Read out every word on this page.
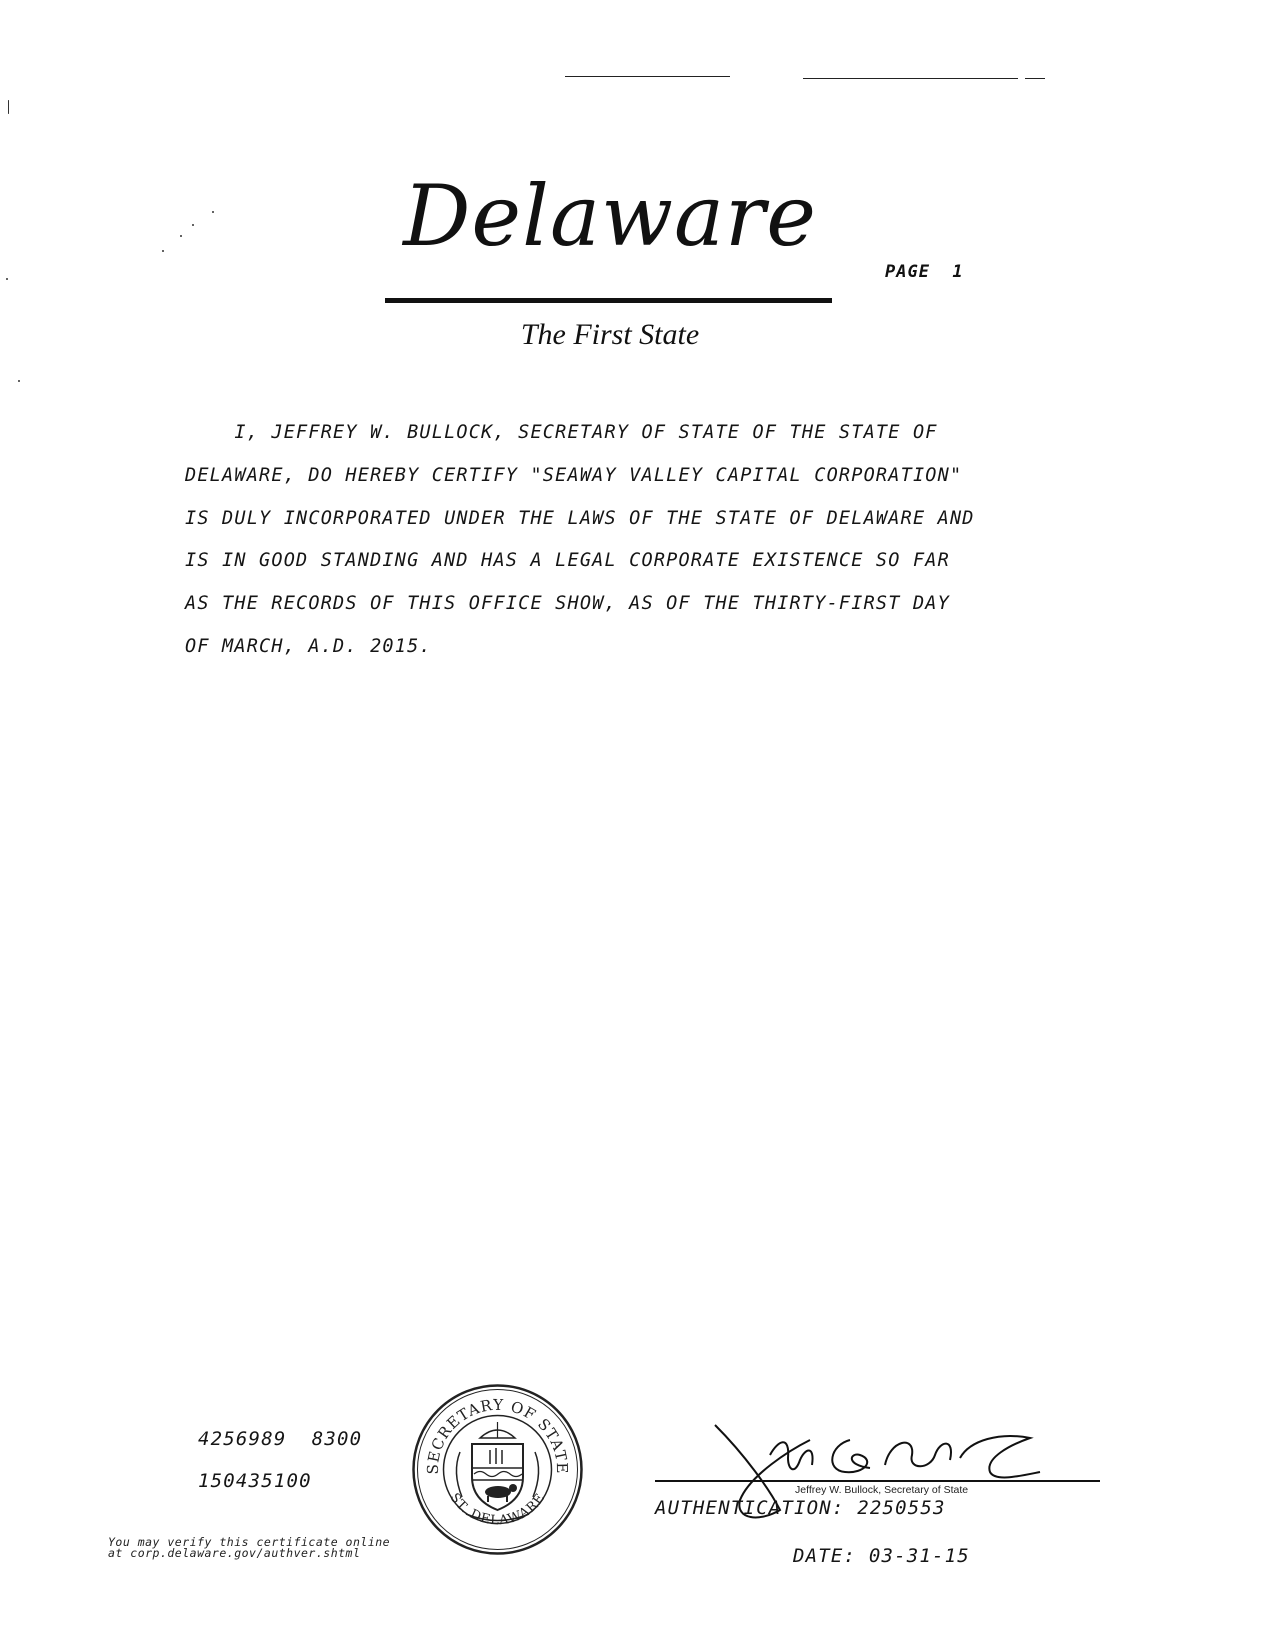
Delaware
The First State
PAGE  1
I, JEFFREY W. BULLOCK, SECRETARY OF STATE OF THE STATE OF
DELAWARE, DO HEREBY CERTIFY "SEAWAY VALLEY CAPITAL CORPORATION"
IS DULY INCORPORATED UNDER THE LAWS OF THE STATE OF DELAWARE AND
IS IN GOOD STANDING AND HAS A LEGAL CORPORATE EXISTENCE SO FAR
AS THE RECORDS OF THIS OFFICE SHOW, AS OF THE THIRTY-FIRST DAY
OF MARCH, A.D. 2015.
4256989  8300
150435100
You may verify this certificate online
at corp.delaware.gov/authver.shtml
SECRETARY OF STATE
ST. DELAWARE
Jeffrey W. Bullock, Secretary of State
AUTHENTICATION: 2250553
DATE: 03-31-15
